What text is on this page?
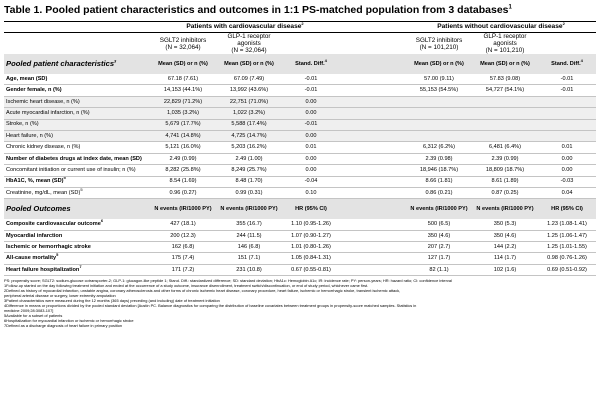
Table 1. Pooled patient characteristics and outcomes in 1:1 PS-matched population from 3 databases$^1$
	Patients with cardiovascular disease$^2$				Patients without cardiovascular disease$^2$
	SGLT2 inhibitors
(N = 32,064)	GLP-1 receptor agonists
(N = 32,064)			SGLT2 inhibitors
(N = 101,210)	GLP-1 receptor agonists
(N = 101,210)	
Pooled patient characteristics$^3$	Mean (SD) or n (%)	Mean (SD) or n (%)	Stand. Diff.$^4$		Mean (SD) or n (%)	Mean (SD) or n (%)	Stand. Diff.$^4$
Age, mean (SD)	67.18 (7.61)	67.09 (7.49)	-0.01		57.00 (9.11)	57.83 (9.08)	-0.01
Gender female, n (%)	14,153 (44.1%)	13,992 (43.6%)	-0.01		55,153 (54.5%)	54,727 (54.1%)	-0.01
Ischemic heart disease, n (%)	22,829 (71.2%)	22,751 (71.0%)	0.00				
Acute myocardial infarction, n (%)	1,035 (3.2%)	1,022 (3.2%)	0.00				
Stroke, n (%)	5,679 (17.7%)	5,588 (17.4%)	-0.01				
Heart failure, n (%)	4,741 (14.8%)	4,725 (14.7%)	0.00				
Chronic kidney disease, n (%)	5,121 (16.0%)	5,203 (16.2%)	0.01		6,312 (6.2%)	6,481 (6.4%)	0.01
Number of diabetes drugs at index date, mean (SD)	2.49 (0.99)	2.49 (1.00)	0.00		2.39 (0.98)	2.39 (0.99)	0.00
Concomitant initiation or current use of insulin; n (%)	8,282 (25.8%)	8,249 (25.7%)	0.00		18,946 (18.7%)	18,809 (18.7%)	0.00
HbA1C, %, mean (SD)$^5$	8.54 (1.69)	8.48 (1.70)	-0.04		8.66 (1.81)	8.61 (1.89)	-0.03
Creatinine, mg/dL, mean (SD)$^5$	0.96 (0.27)	0.99 (0.31)	0.10		0.86 (0.21)	0.87 (0.25)	0.04
Pooled Outcomes	N events (IR/1000 PY)	N events (IR/1000 PY)	HR (95% CI)		N events (IR/1000 PY)	N events (IR/1000 PY)	HR (95% CI)
Composite cardiovascular outcome$^6$	427 (18.1)	355 (16.7)	1.10 (0.95-1.26)		500 (6.5)	350 (5.3)	1.23 (1.08-1.41)
Myocardial infarction	200 (12.3)	244 (11.5)	1.07 (0.90-1.27)		350 (4.6)	350 (4.6)	1.25 (1.06-1.47)
Ischemic or hemorrhagic stroke	162 (6.8)	146 (6.8)	1.01 (0.80-1.26)		207 (2.7)	144 (2.2)	1.25 (1.01-1.55)
All-cause mortality$^5$	175 (7.4)	151 (7.1)	1.05 (0.84-1.31)		127 (1.7)	114 (1.7)	0.98 (0.76-1.26)
Heart failure hospitalization$^7$	171 (7.2)	231 (10.8)	0.67 (0.55-0.81)		82 (1.1)	102 (1.6)	0.69 (0.51-0.92)
PS: propensity score; SGLT2: sodium-glucose cotransporter-2; GLP-1: glucagon-like peptide 1; Stand. Diff.: standardized difference; SD: standard deviation; HbA1c: Hemoglobin A1c; IR: incidence rate; PY: person-years; HR: hazard ratio; CI: confidence interval
1Follow-up started on the day following treatment initiation and ended at the occurrence of a study outcome, insurance disenrollment, treatment switch/discontinuation, or end of study period, whichever came first.
2Defined as history of myocardial infarction, unstable angina, coronary atherosclerosis and other forms of chronic ischemic heart disease, coronary procedure, heart failure, ischemic or hemorrhagic stroke, transient ischemic attack,
peripheral arterial disease or surgery, lower extremity amputation
3Patient characteristics were measured during the 12 months (365 days) preceding (and including) date of treatment initiation
4Difference in means or proportions divided by the pooled standard deviation [Austin PC. Balance diagnostics for comparing the distribution of baseline covariates between treatment groups in propensity-score matched samples. Statistics in
medicine 2009;28:3083-107]
5Available for a subset of patients
6Hospitalization for myocardial infarction or ischemic or hemorrhagic stroke
7Defined as a discharge diagnosis of heart failure in primary position
